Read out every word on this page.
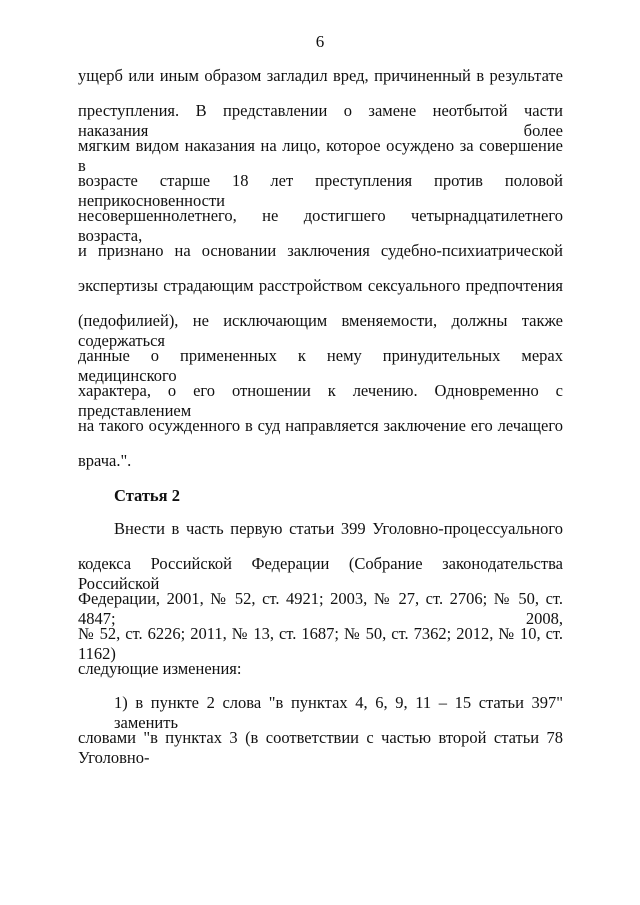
6
ущерб или иным образом загладил вред, причиненный в результате
преступления. В представлении о замене неотбытой части наказания более
мягким видом наказания на лицо, которое осуждено за совершение в
возрасте старше 18 лет преступления против половой неприкосновенности
несовершеннолетнего, не достигшего четырнадцатилетнего возраста,
и признано на основании заключения судебно-психиатрической
экспертизы страдающим расстройством сексуального предпочтения
(педофилией), не исключающим вменяемости, должны также содержаться
данные о примененных к нему принудительных мерах медицинского
характера, о его отношении к лечению. Одновременно с представлением
на такого осужденного в суд направляется заключение его лечащего
врача.".
Статья 2
Внести в часть первую статьи 399 Уголовно-процессуального
кодекса Российской Федерации (Собрание законодательства Российской
Федерации, 2001, № 52, ст. 4921; 2003, № 27, ст. 2706; № 50, ст. 4847; 2008,
№ 52, ст. 6226; 2011, № 13, ст. 1687; № 50, ст. 7362; 2012, № 10, ст. 1162)
следующие изменения:
1) в пункте 2 слова "в пунктах 4, 6, 9, 11 – 15 статьи 397" заменить
словами "в пунктах 3 (в соответствии с частью второй статьи 78 Уголовно-
